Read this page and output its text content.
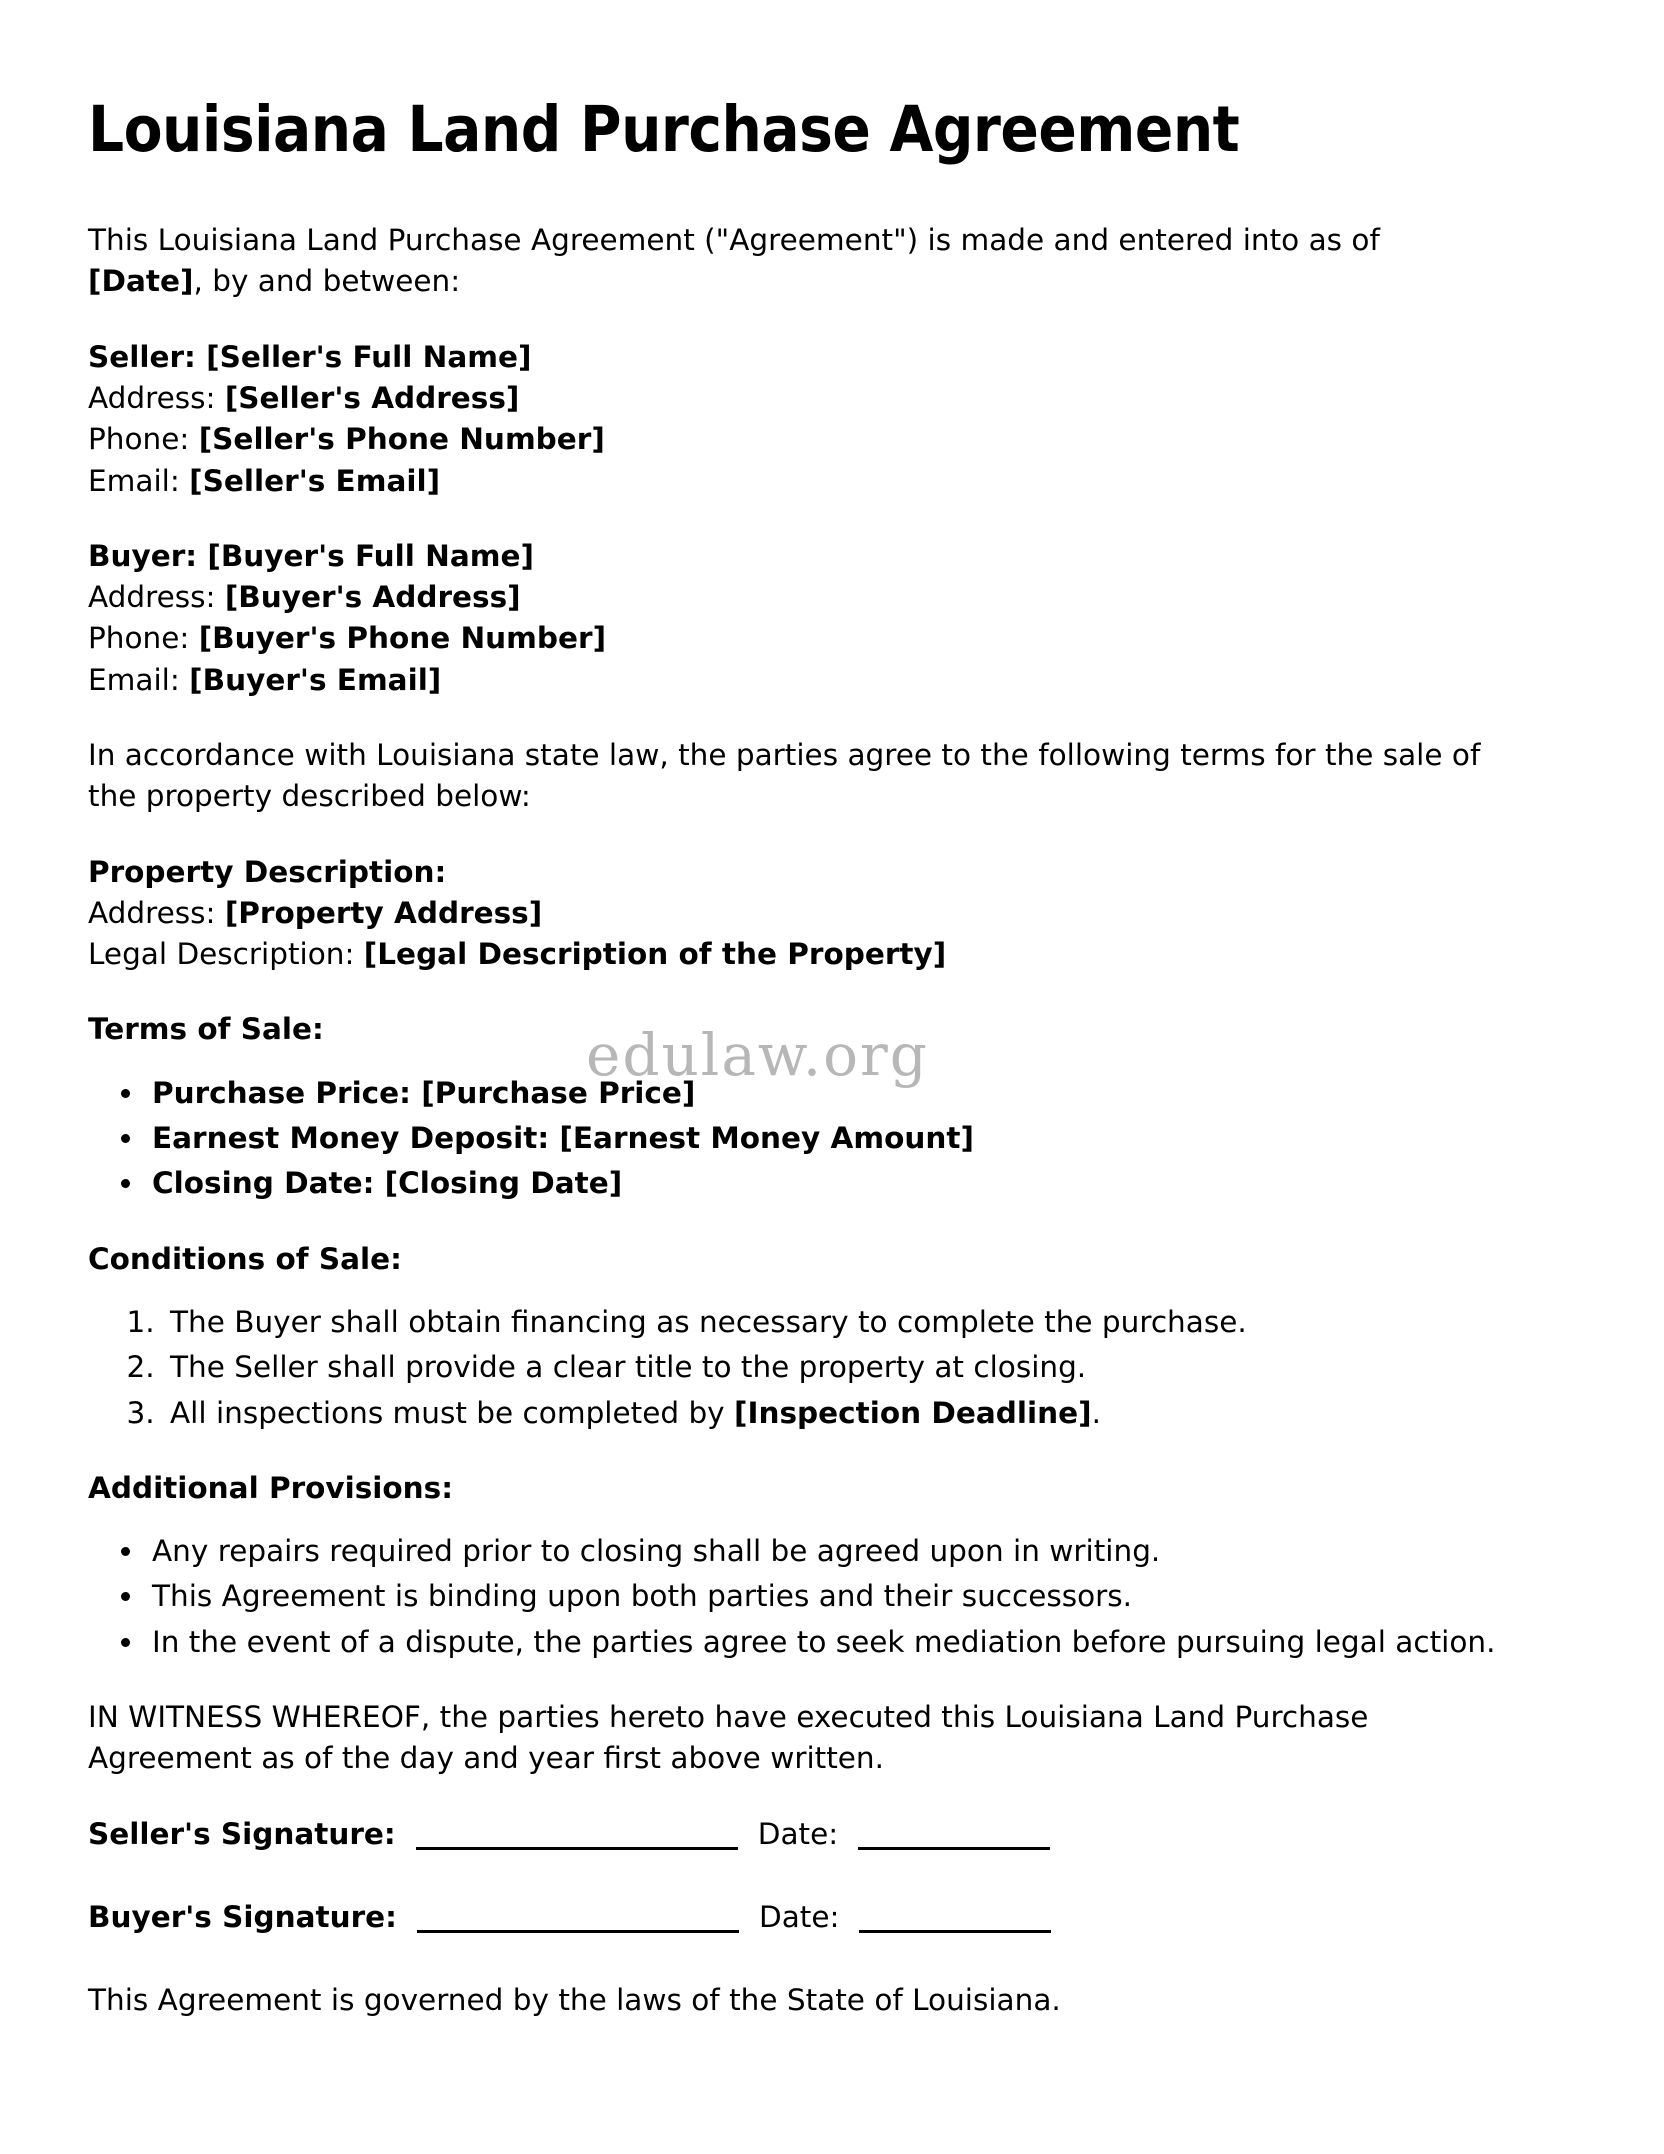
edulaw.org
Louisiana Land Purchase Agreement

This Louisiana Land Purchase Agreement ("Agreement") is made and entered into as of [Date], by and between:

Seller: [Seller's Full Name]
Address: [Seller's Address]
Phone: [Seller's Phone Number]
Email: [Seller's Email]
Buyer: [Buyer's Full Name]
Address: [Buyer's Address]
Phone: [Buyer's Phone Number]
Email: [Buyer's Email]

In accordance with Louisiana state law, the parties agree to the following terms for the sale of the property described below:

Property Description:
Address: [Property Address]
Legal Description: [Legal Description of the Property]
Terms of Sale:
• Purchase Price: [Purchase Price]
• Earnest Money Deposit: [Earnest Money Amount]
• Closing Date: [Closing Date]
Conditions of Sale:
1. The Buyer shall obtain financing as necessary to complete the purchase.
2. The Seller shall provide a clear title to the property at closing.
3. All inspections must be completed by [Inspection Deadline].
Additional Provisions:
• Any repairs required prior to closing shall be agreed upon in writing.
• This Agreement is binding upon both parties and their successors.
• In the event of a dispute, the parties agree to seek mediation before pursuing legal action.

IN WITNESS WHEREOF, the parties hereto have executed this Louisiana Land Purchase Agreement as of the day and year first above written.

Seller's Signature:	Date:
Buyer's Signature:	Date:

This Agreement is governed by the laws of the State of Louisiana.
